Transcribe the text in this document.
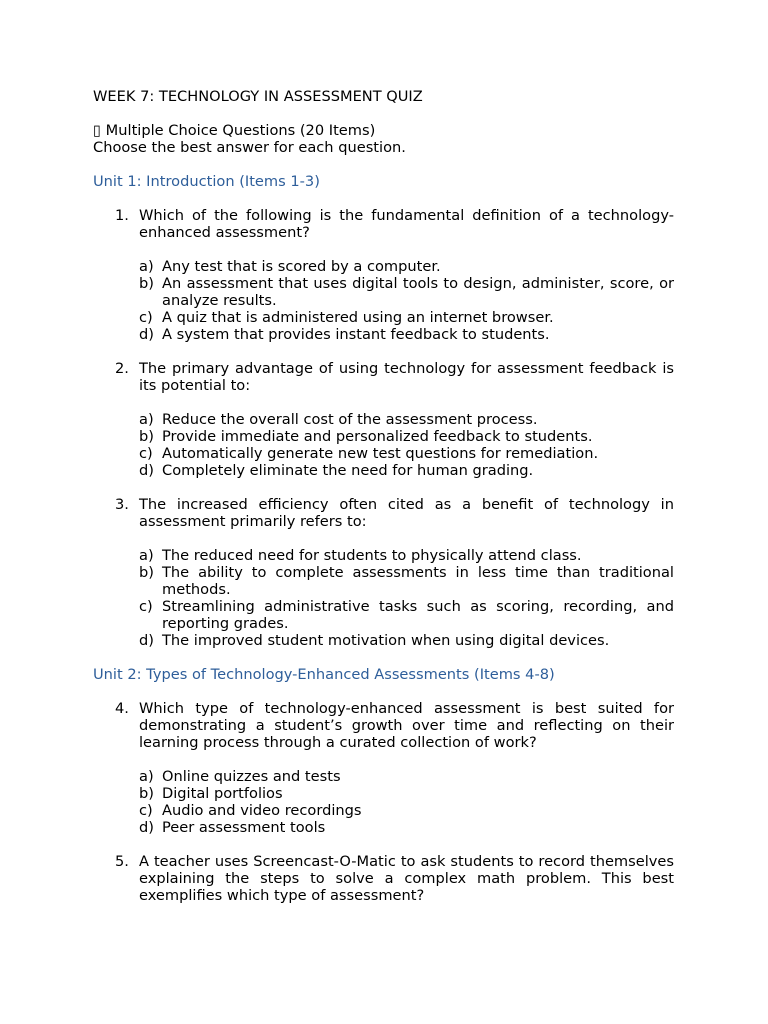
WEEK 7: TECHNOLOGY IN ASSESSMENT QUIZ
▯ Multiple Choice Questions (20 Items)
Choose the best answer for each question.
Unit 1: Introduction (Items 1-3)
1. Which of the following is the fundamental definition of a technology-enhanced assessment?
a) Any test that is scored by a computer.
b) An assessment that uses digital tools to design, administer, score, or analyze results.
c) A quiz that is administered using an internet browser.
d) A system that provides instant feedback to students.
2. The primary advantage of using technology for assessment feedback is its potential to:
a) Reduce the overall cost of the assessment process.
b) Provide immediate and personalized feedback to students.
c) Automatically generate new test questions for remediation.
d) Completely eliminate the need for human grading.
3. The increased efficiency often cited as a benefit of technology in assessment primarily refers to:
a) The reduced need for students to physically attend class.
b) The ability to complete assessments in less time than traditional methods.
c) Streamlining administrative tasks such as scoring, recording, and reporting grades.
d) The improved student motivation when using digital devices.
Unit 2: Types of Technology-Enhanced Assessments (Items 4-8)
4. Which type of technology-enhanced assessment is best suited for demonstrating a student’s growth over time and reflecting on their learning process through a curated collection of work?
a) Online quizzes and tests
b) Digital portfolios
c) Audio and video recordings
d) Peer assessment tools
5. A teacher uses Screencast-O-Matic to ask students to record themselves explaining the steps to solve a complex math problem. This best exemplifies which type of assessment?
